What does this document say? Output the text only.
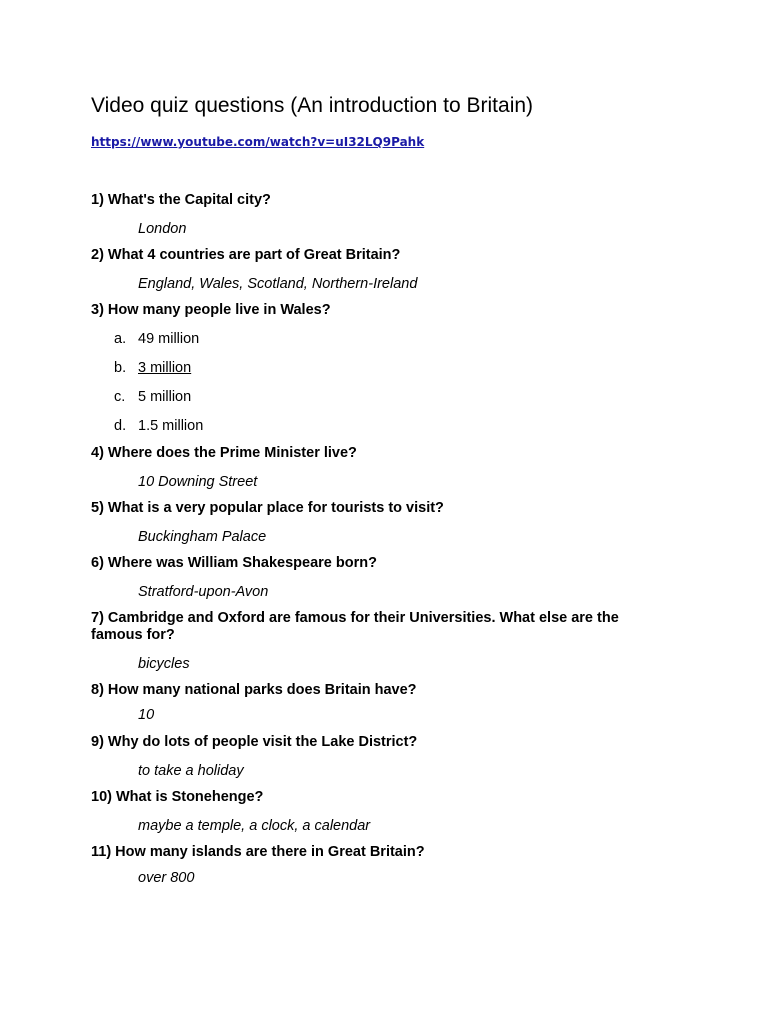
Video quiz questions (An introduction to Britain)
https://www.youtube.com/watch?v=uI32LQ9Pahk
1) What's the Capital city?
London
2) What 4 countries are part of Great Britain?
England, Wales, Scotland, Northern-Ireland
3) How many people live in Wales?
a. 49 million
b. 3 million
c. 5 million
d. 1.5 million
4) Where does the Prime Minister live?
10 Downing Street
5) What is a very popular place for tourists to visit?
Buckingham Palace
6) Where was William Shakespeare born?
Stratford-upon-Avon
7) Cambridge and Oxford are famous for their Universities. What else are the famous for?
bicycles
8) How many national parks does Britain have?
10
9) Why do lots of people visit the Lake District?
to take a holiday
10) What is Stonehenge?
maybe a temple, a clock, a calendar
11) How many islands are there in Great Britain?
over 800
